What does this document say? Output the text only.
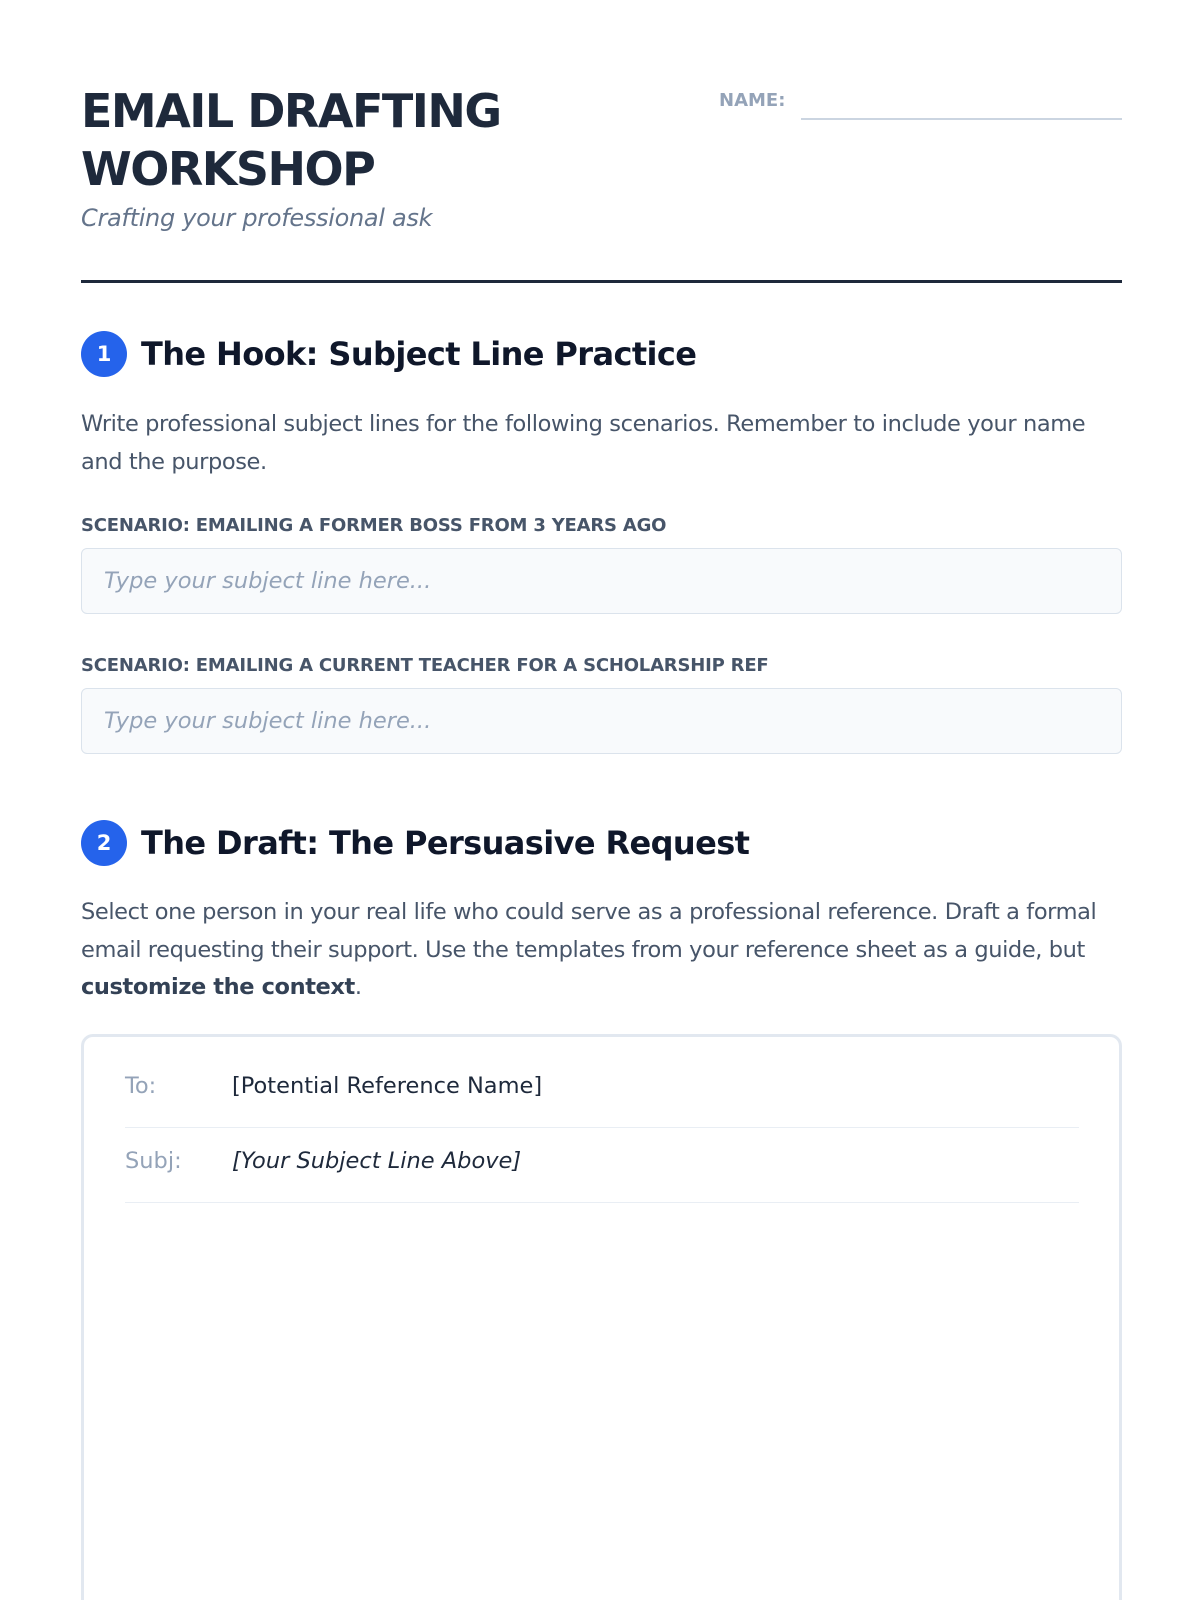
EMAIL DRAFTING
WORKSHOP
Crafting your professional ask
NAME:
1 The Hook: Subject Line Practice

Write professional subject lines for the following scenarios. Remember to include your name and the purpose.

SCENARIO: EMAILING A FORMER BOSS FROM 3 YEARS AGO
Type your subject line here...
SCENARIO: EMAILING A CURRENT TEACHER FOR A SCHOLARSHIP REF
Type your subject line here...
2 The Draft: The Persuasive Request

Select one person in your real life who could serve as a professional reference. Draft a formal email requesting their support. Use the templates from your reference sheet as a guide, but customize the context.

To:	[Potential Reference Name]
Subj: [Your Subject Line Above]
